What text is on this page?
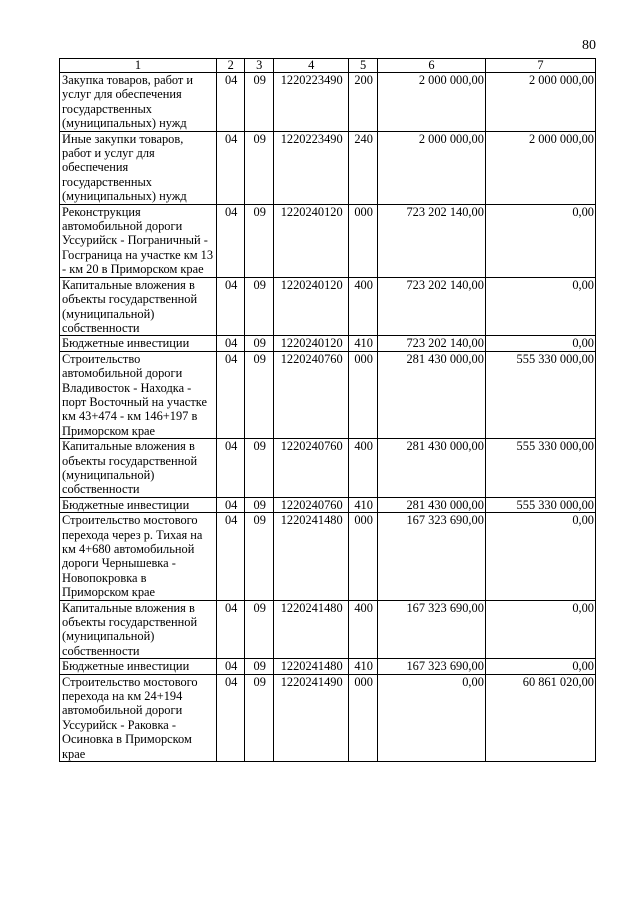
80
1	2	3	4	5	6	7
Закупка товаров, работ и услуг для обеспечения государственных (муниципальных) нужд	04	09	1220223490	200	2 000 000,00	2 000 000,00
Иные закупки товаров, работ и услуг для обеспечения государственных (муниципальных) нужд	04	09	1220223490	240	2 000 000,00	2 000 000,00
Реконструкция автомобильной дороги Уссурийск - Пограничный - Госграница на участке км 13 - км 20 в Приморском крае	04	09	1220240120	000	723 202 140,00	0,00
Капитальные вложения в объекты государственной (муниципальной) собственности	04	09	1220240120	400	723 202 140,00	0,00
Бюджетные инвестиции	04	09	1220240120	410	723 202 140,00	0,00
Строительство автомобильной дороги Владивосток - Находка - порт Восточный на участке км 43+474 - км 146+197 в Приморском крае	04	09	1220240760	000	281 430 000,00	555 330 000,00
Капитальные вложения в объекты государственной (муниципальной) собственности	04	09	1220240760	400	281 430 000,00	555 330 000,00
Бюджетные инвестиции	04	09	1220240760	410	281 430 000,00	555 330 000,00
Строительство мостового перехода через р. Тихая на км 4+680 автомобильной дороги Чернышевка - Новопокровка в Приморском крае	04	09	1220241480	000	167 323 690,00	0,00
Капитальные вложения в объекты государственной (муниципальной) собственности	04	09	1220241480	400	167 323 690,00	0,00
Бюджетные инвестиции	04	09	1220241480	410	167 323 690,00	0,00
Строительство мостового перехода на км 24+194 автомобильной дороги Уссурийск - Раковка - Осиновка в Приморском крае	04	09	1220241490	000	0,00	60 861 020,00
